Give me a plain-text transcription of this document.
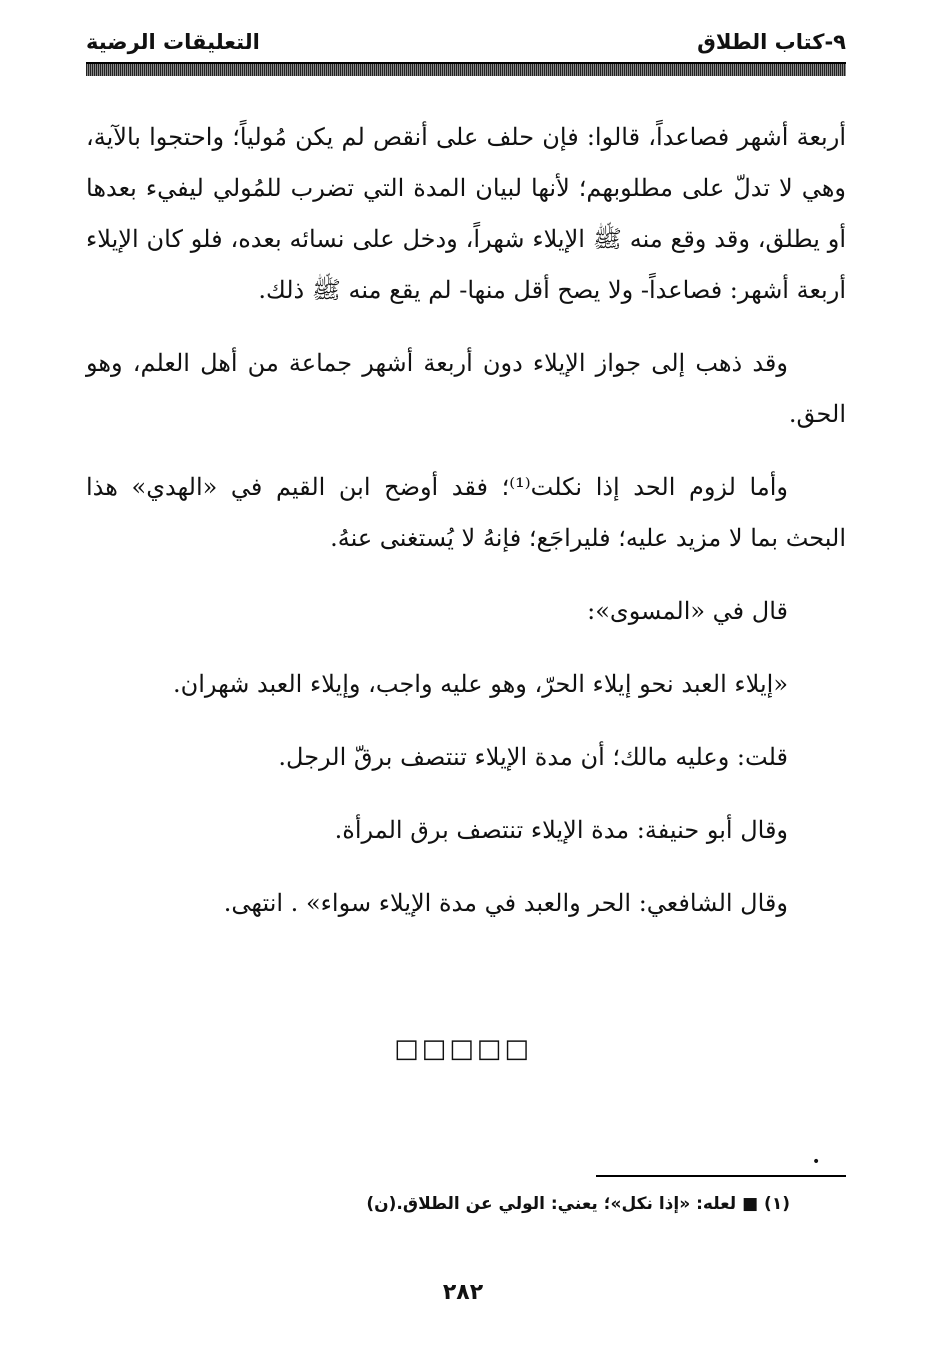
٩-كتاب الطلاق
التعليقات الرضية

أربعة أشهر فصاعداً، قالوا: فإن حلف على أنقص لم يكن مُولياً؛ واحتجوا بالآية، وهي لا تدلّ على مطلوبهم؛ لأنها لبيان المدة التي تضرب للمُولي ليفيء بعدها أو يطلق، وقد وقع منه ﷺ الإيلاء شهراً، ودخل على نسائه بعده، فلو كان الإيلاء أربعة أشهر: فصاعداً- ولا يصح أقل منها- لم يقع منه ﷺ ذلك.

وقد ذهب إلى جواز الإيلاء دون أربعة أشهر جماعة من أهل العلم، وهو الحق.

وأما لزوم الحد إذا نكلت⁽¹⁾؛ فقد أوضح ابن القيم في «الهدي» هذا البحث بما لا مزيد عليه؛ فليراجَع؛ فإنهُ لا يُستغنى عنهُ.

قال في «المسوى»:

«إيلاء العبد نحو إيلاء الحرّ، وهو عليه واجب، وإيلاء العبد شهران.

قلت: وعليه مالك؛ أن مدة الإيلاء تنتصف برقّ الرجل.

وقال أبو حنيفة: مدة الإيلاء تنتصف برق المرأة.

وقال الشافعي: الحر والعبد في مدة الإيلاء سواء» . انتهى.

□□□□□
•
(١) ■ لعله: «إذا نكل»؛ يعني: الولي عن الطلاق.(ن)
٢٨٢
